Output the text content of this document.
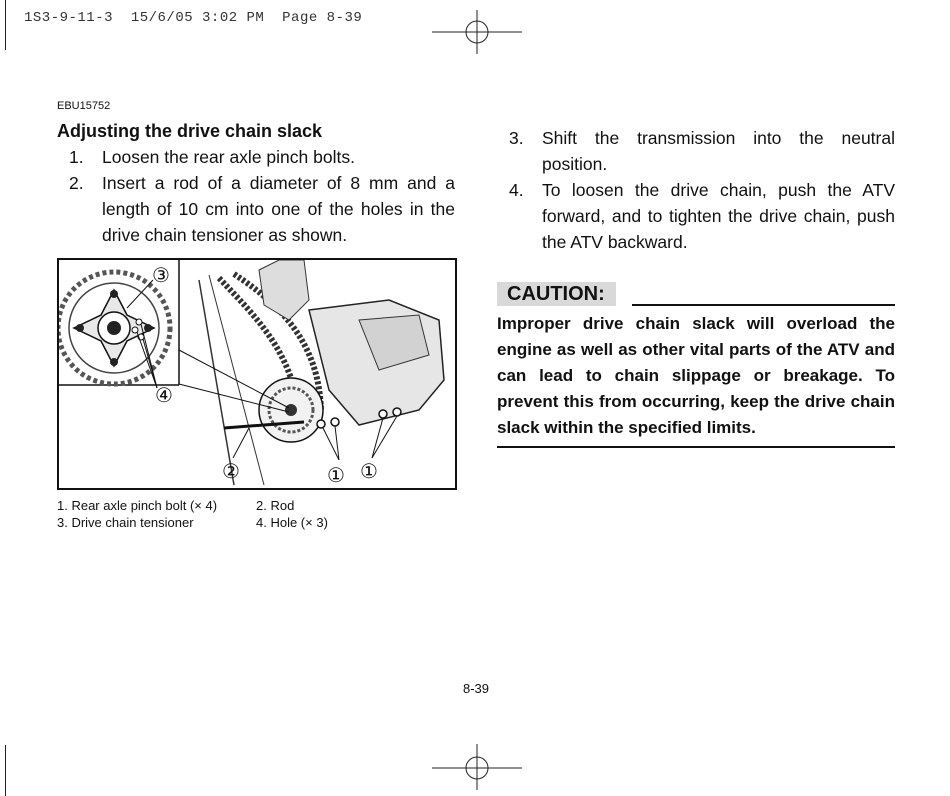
1S3-9-11-3  15/6/05 3:02 PM  Page 8-39
EBU15752
Adjusting the drive chain slack
1. Loosen the rear axle pinch bolts.
2. Insert a rod of a diameter of 8 mm and a length of 10 cm into one of the holes in the drive chain tensioner as shown.
③
④
②	① ①
1. Rear axle pinch bolt (× 4)	2. Rod
3. Drive chain tensioner	4. Hole (× 3)
3. Shift the transmission into the neutral position.
4. To loosen the drive chain, push the ATV forward, and to tighten the drive chain, push the ATV backward.
CAUTION:
Improper drive chain slack will overload the engine as well as other vital parts of the ATV and can lead to chain slippage or breakage. To prevent this from occurring, keep the drive chain slack within the specified limits.
8-39
